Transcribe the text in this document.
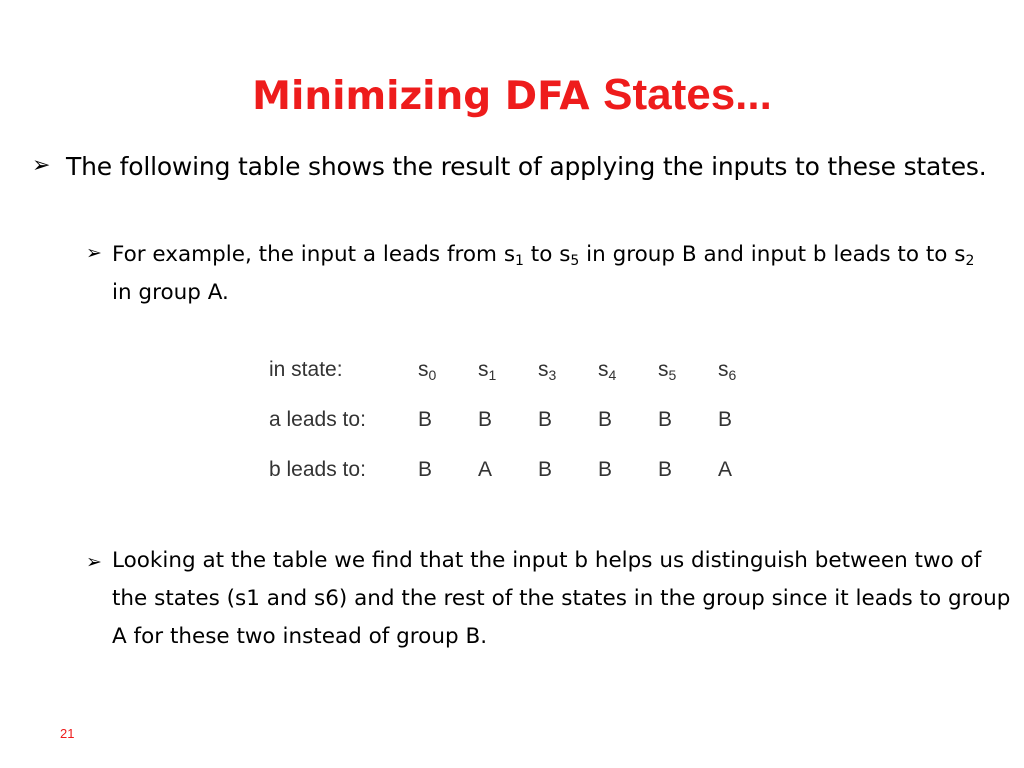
Minimizing DFA States...
➢ The following table shows the result of applying the inputs to these states.
➢ For example, the input a leads from $s_1$ to $s_5$ in group B and input b leads to to $s_2$ in group A.
in state:	$s_0$	$s_1$	$s_3$	$s_4$	$s_5$	$s_6$
a leads to:	B	B	B	B	B	B
b leads to:	B	A	B	B	B	A
➢ Looking at the table we find that the input b helps us distinguish between two of the states (s1 and s6) and the rest of the states in the group since it leads to group A for these two instead of group B.
21
